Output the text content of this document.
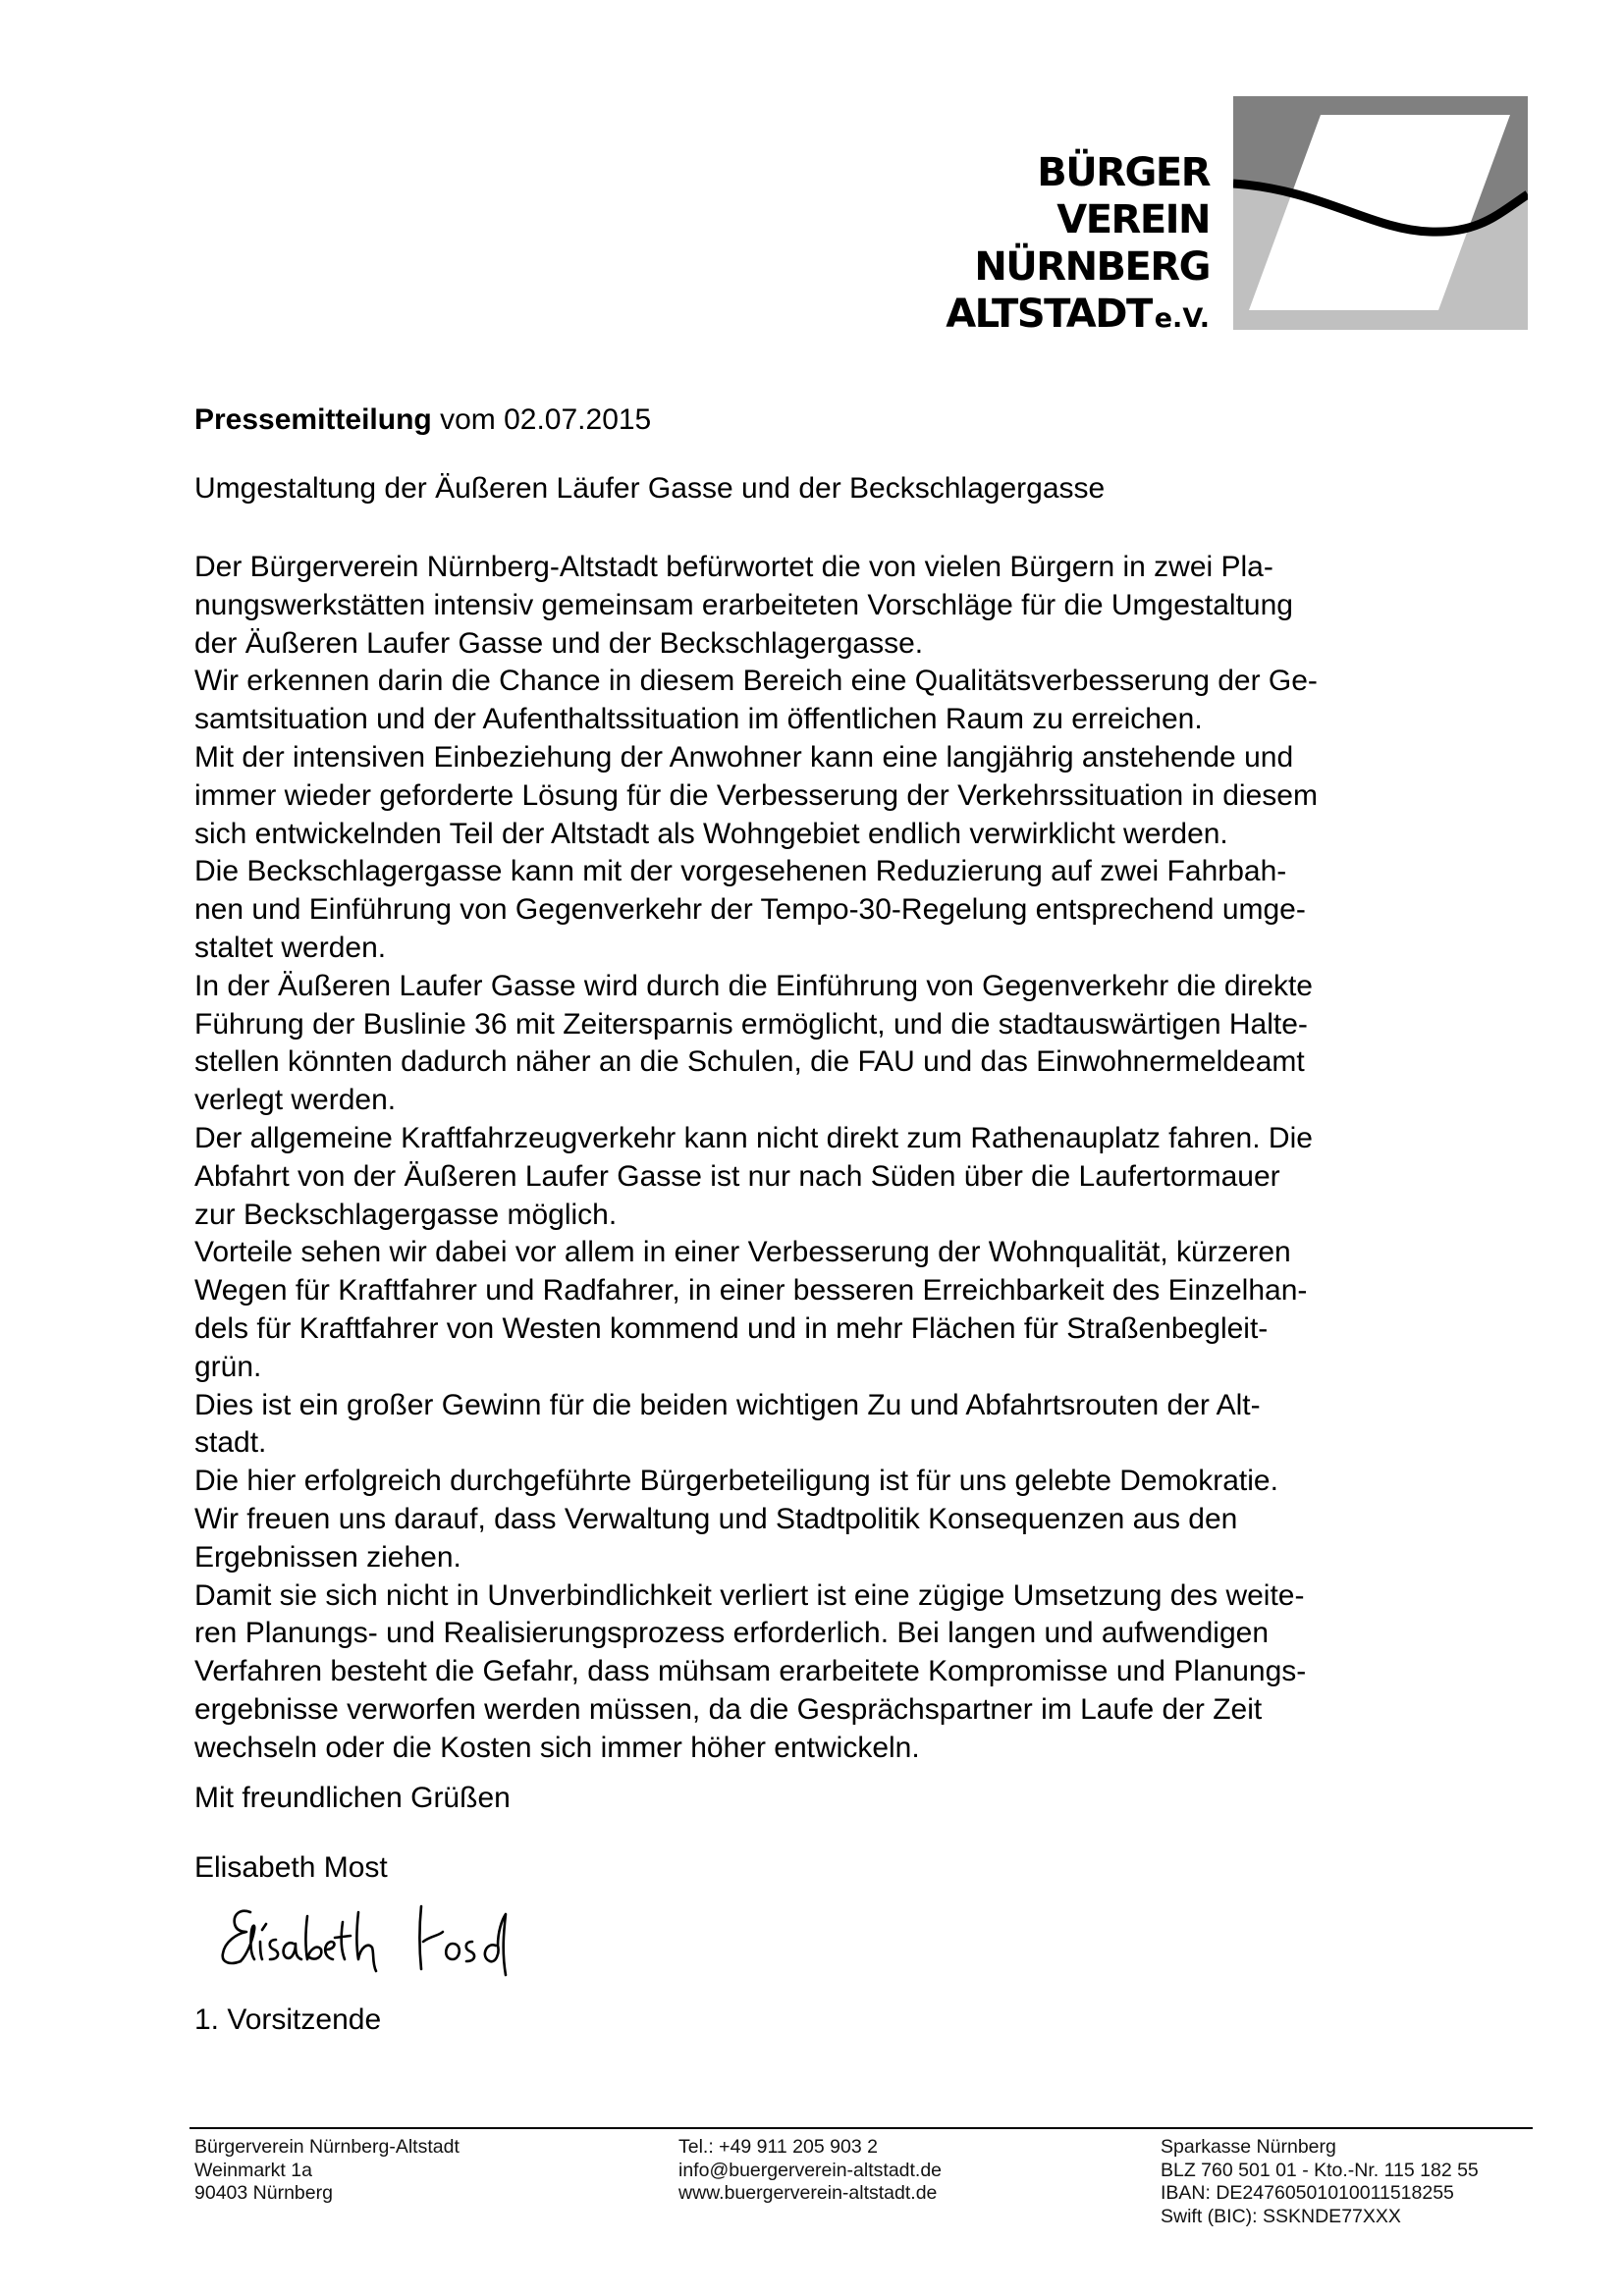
BÜRGER
VEREIN
NÜRNBERG
ALTSTADT e.V.
Pressemitteilung vom 02.07.2015
Umgestaltung der Äußeren Läufer Gasse und der Beckschlagergasse
Der Bürgerverein Nürnberg-Altstadt befürwortet die von vielen Bürgern in zwei Pla-
nungswerkstätten intensiv gemeinsam erarbeiteten Vorschläge für die Umgestaltung
der Äußeren Laufer Gasse und der Beckschlagergasse.
Wir erkennen darin die Chance in diesem Bereich eine Qualitätsverbesserung der Ge-
samtsituation und der Aufenthaltssituation im öffentlichen Raum zu erreichen.
Mit der intensiven Einbeziehung der Anwohner kann eine langjährig anstehende und
immer wieder geforderte Lösung für die Verbesserung der Verkehrssituation in diesem
sich entwickelnden Teil der Altstadt als Wohngebiet endlich verwirklicht werden.
Die Beckschlagergasse kann mit der vorgesehenen Reduzierung auf zwei Fahrbah-
nen und Einführung von Gegenverkehr der Tempo-30-Regelung entsprechend umge-
staltet werden.
In der Äußeren Laufer Gasse wird durch die Einführung von Gegenverkehr die direkte
Führung der Buslinie 36 mit Zeitersparnis ermöglicht, und die stadtauswärtigen Halte-
stellen könnten dadurch näher an die Schulen, die FAU und das Einwohnermeldeamt
verlegt werden.
Der allgemeine Kraftfahrzeugverkehr kann nicht direkt zum Rathenauplatz fahren. Die
Abfahrt von der Äußeren Laufer Gasse ist nur nach Süden über die Laufertormauer
zur Beckschlagergasse möglich.
Vorteile sehen wir dabei vor allem in einer Verbesserung der Wohnqualität, kürzeren
Wegen für Kraftfahrer und Radfahrer, in einer besseren Erreichbarkeit des Einzelhan-
dels für Kraftfahrer von Westen kommend und in mehr Flächen für Straßenbegleit-
grün.
Dies ist ein großer Gewinn für die beiden wichtigen Zu und Abfahrtsrouten der Alt-
stadt.
Die hier erfolgreich durchgeführte Bürgerbeteiligung ist für uns gelebte Demokratie.
Wir freuen uns darauf, dass Verwaltung und Stadtpolitik Konsequenzen aus den
Ergebnissen ziehen.
Damit sie sich nicht in Unverbindlichkeit verliert ist eine zügige Umsetzung des weite-
ren Planungs- und Realisierungsprozess erforderlich. Bei langen und aufwendigen
Verfahren besteht die Gefahr, dass mühsam erarbeitete Kompromisse und Planungs-
ergebnisse verworfen werden müssen, da die Gesprächspartner im Laufe der Zeit
wechseln oder die Kosten sich immer höher entwickeln.
Mit freundlichen Grüßen
Elisabeth Most
1. Vorsitzende
Bürgerverein Nürnberg-Altstadt
Weinmarkt 1a
90403 Nürnberg
Tel.: +49 911 205 903 2
info@buergerverein-altstadt.de
www.buergerverein-altstadt.de
Sparkasse Nürnberg
BLZ 760 501 01 - Kto.-Nr. 115 182 55
IBAN: DE24760501010011518255
Swift (BIC): SSKNDE77XXX
